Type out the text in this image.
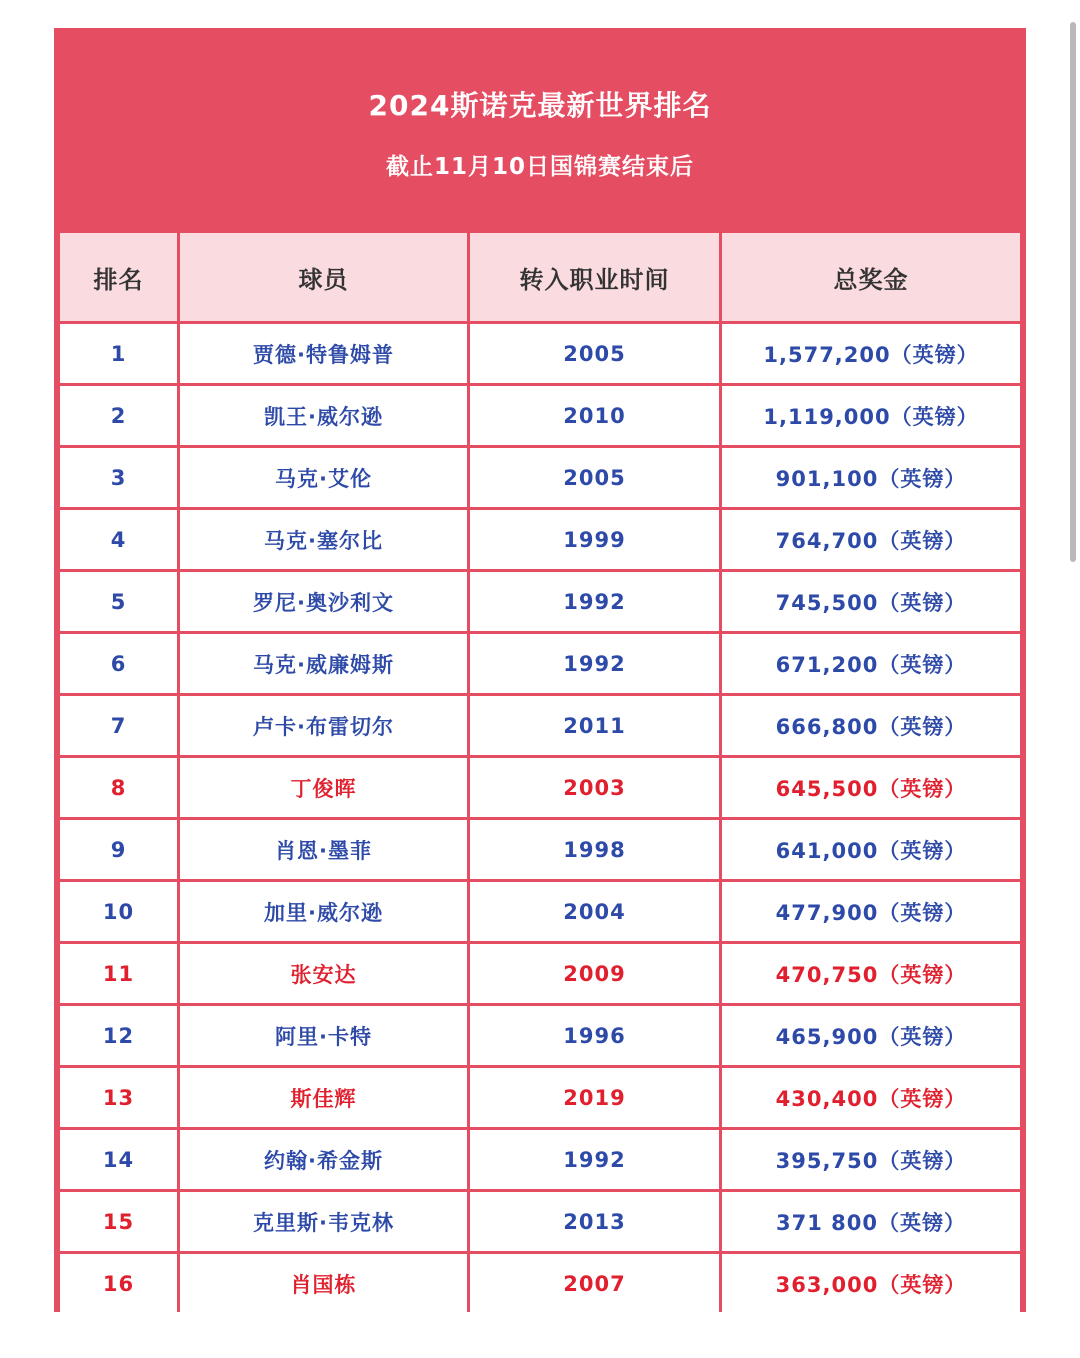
2024斯诺克最新世界排名
截止11月10日国锦赛结束后
排名	球员	转入职业时间	总奖金
1	贾德·特鲁姆普	2005	1,577,200（英镑）
2	凯王·威尔逊	2010	1,119,000（英镑）
3	马克·艾伦	2005	901,100（英镑）
4	马克·塞尔比	1999	764,700（英镑）
5	罗尼·奥沙利文	1992	745,500（英镑）
6	马克·威廉姆斯	1992	671,200（英镑）
7	卢卡·布雷切尔	2011	666,800（英镑）
8	丁俊晖	2003	645,500（英镑）
9	肖恩·墨菲	1998	641,000（英镑）
10	加里·威尔逊	2004	477,900（英镑）
11	张安达	2009	470,750（英镑）
12	阿里·卡特	1996	465,900（英镑）
13	斯佳辉	2019	430,400（英镑）
14	约翰·希金斯	1992	395,750（英镑）
15	克里斯·韦克林	2013	371 800（英镑）
16	肖国栋	2007	363,000（英镑）
